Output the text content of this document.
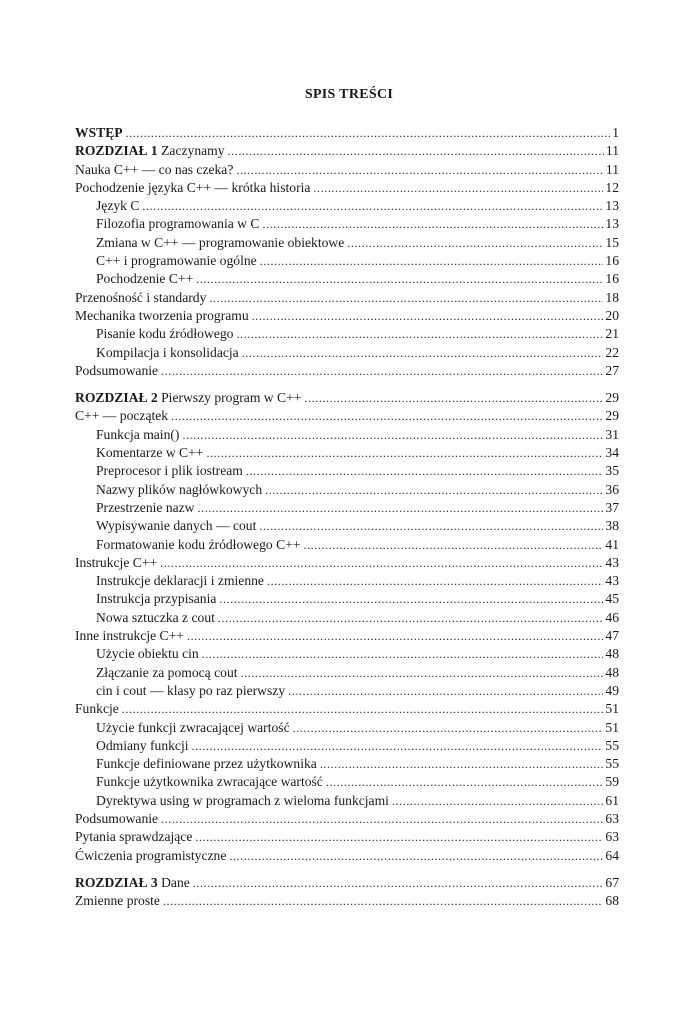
SPIS TREŚCI
WSTĘP .....	1
ROZDZIAŁ 1 Zaczynamy .....	11
Nauka C++ — co nas czeka? .....	11
Pochodzenie języka C++ — krótka historia .....	12
Język C .....	13
Filozofia programowania w C .....	13
Zmiana w C++ — programowanie obiektowe .....	15
C++ i programowanie ogólne .....	16
Pochodzenie C++ .....	16
Przenośność i standardy .....	18
Mechanika tworzenia programu .....	20
Pisanie kodu źródłowego .....	21
Kompilacja i konsolidacja .....	22
Podsumowanie .....	27
ROZDZIAŁ 2 Pierwszy program w C++ .....	29
C++ — początek .....	29
Funkcja main() .....	31
Komentarze w C++ .....	34
Preprocesor i plik iostream .....	35
Nazwy plików nagłówkowych .....	36
Przestrzenie nazw .....	37
Wypisywanie danych — cout .....	38
Formatowanie kodu źródłowego C++ .....	41
Instrukcje C++ .....	43
Instrukcje deklaracji i zmienne .....	43
Instrukcja przypisania .....	45
Nowa sztuczka z cout .....	46
Inne instrukcje C++ .....	47
Użycie obiektu cin .....	48
Złączanie za pomocą cout .....	48
cin i cout — klasy po raz pierwszy .....	49
Funkcje .....	51
Użycie funkcji zwracającej wartość .....	51
Odmiany funkcji .....	55
Funkcje definiowane przez użytkownika .....	55
Funkcje użytkownika zwracające wartość .....	59
Dyrektywa using w programach z wieloma funkcjami .....	61
Podsumowanie .....	63
Pytania sprawdzające .....	63
Ćwiczenia programistyczne .....	64
ROZDZIAŁ 3 Dane .....	67
Zmienne proste .....	68
